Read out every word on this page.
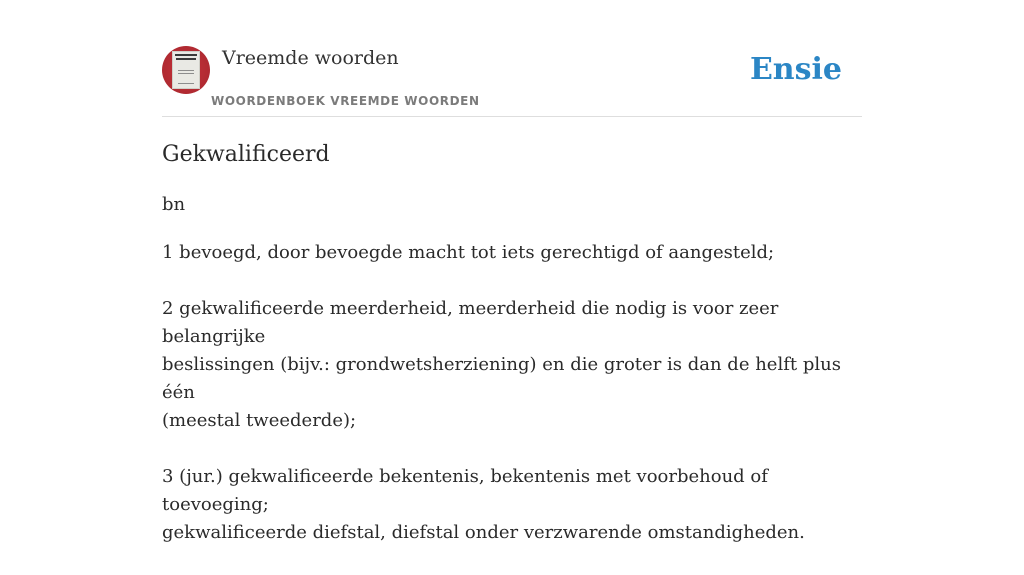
Vreemde woorden
WOORDENBOEK VREEMDE WOORDEN
Ensie
Gekwalificeerd
bn

1 bevoegd, door bevoegde macht tot iets gerechtigd of aangesteld;

2 gekwalificeerde meerderheid, meerderheid die nodig is voor zeer belangrijke
beslissingen (bijv.: grondwetsherziening) en die groter is dan de helft plus één
(meestal tweederde);

3 (jur.) gekwalificeerde bekentenis, bekentenis met voorbehoud of toevoeging;
gekwalificeerde diefstal, diefstal onder verzwarende omstandigheden.
